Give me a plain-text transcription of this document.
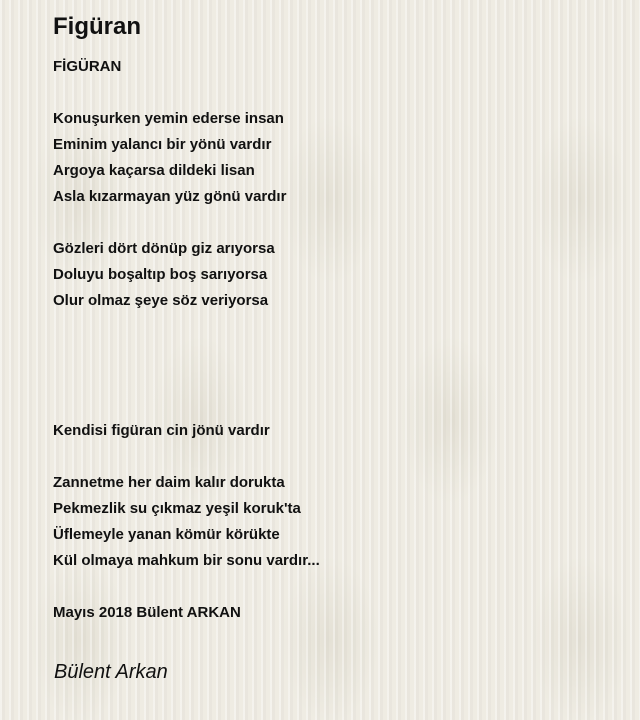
Figüran
FİGÜRAN
Konuşurken yemin ederse insan
Eminim yalancı bir yönü vardır
Argoya kaçarsa dildeki lisan
Asla kızarmayan yüz gönü vardır
Gözleri dört dönüp giz arıyorsa
Doluyu boşaltıp boş sarıyorsa
Olur olmaz şeye söz veriyorsa
Kendisi figüran cin jönü vardır
Zannetme her daim kalır dorukta
Pekmezlik su çıkmaz yeşil koruk'ta
Üflemeyle yanan kömür körükte
Kül olmaya mahkum bir sonu vardır...
Mayıs 2018 Bülent ARKAN
Bülent Arkan
